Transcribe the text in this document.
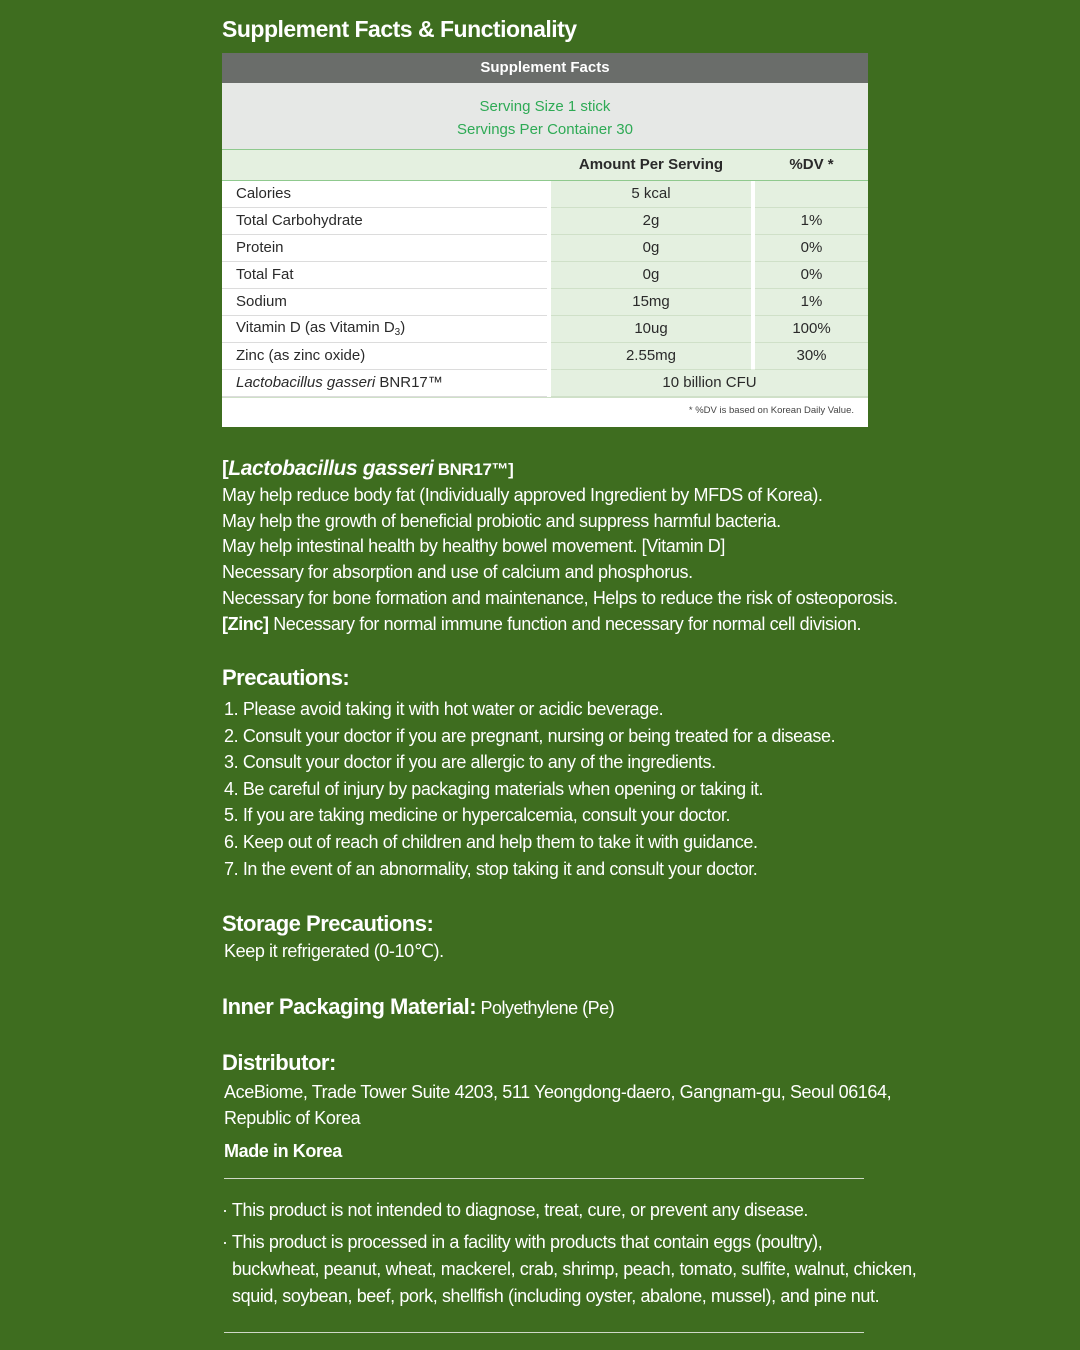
Supplement Facts & Functionality
Supplement Facts
Serving Size 1 stick
Servings Per Container 30
		Amount Per Serving		%DV *
Calories		5 kcal		
Total Carbohydrate		2g		1%
Protein		0g		0%
Total Fat		0g		0%
Sodium		15mg		1%
Vitamin D (as Vitamin $D_3$)		10ug		100%
Zinc (as zinc oxide)		2.55mg		30%
Lactobacillus gasseri BNR17™		10 billion CFU		
* %DV is based on Korean Daily Value.

[Lactobacillus gasseri BNR17™]

May help reduce body fat (Individually approved Ingredient by MFDS of Korea).

May help the growth of beneficial probiotic and suppress harmful bacteria.

May help intestinal health by healthy bowel movement. [Vitamin D]

Necessary for absorption and use of calcium and phosphorus.

Necessary for bone formation and maintenance, Helps to reduce the risk of osteoporosis.

[Zinc] Necessary for normal immune function and necessary for normal cell division.

Precautions:

1. Please avoid taking it with hot water or acidic beverage.

2. Consult your doctor if you are pregnant, nursing or being treated for a disease.

3. Consult your doctor if you are allergic to any of the ingredients.

4. Be careful of injury by packaging materials when opening or taking it.

5. If you are taking medicine or hypercalcemia, consult your doctor.

6. Keep out of reach of children and help them to take it with guidance.

7. In the event of an abnormality, stop taking it and consult your doctor.

Storage Precautions:

Keep it refrigerated (0-10℃).

Inner Packaging Material: Polyethylene (Pe)

Distributor:

AceBiome, Trade Tower Suite 4203, 511 Yeongdong-daero, Gangnam-gu, Seoul 06164,

Republic of Korea

Made in Korea

· This product is not intended to diagnose, treat, cure, or prevent any disease.

· This product is processed in a facility with products that contain eggs (poultry),

buckwheat, peanut, wheat, mackerel, crab, shrimp, peach, tomato, sulfite, walnut, chicken,

squid, soybean, beef, pork, shellfish (including oyster, abalone, mussel), and pine nut.
